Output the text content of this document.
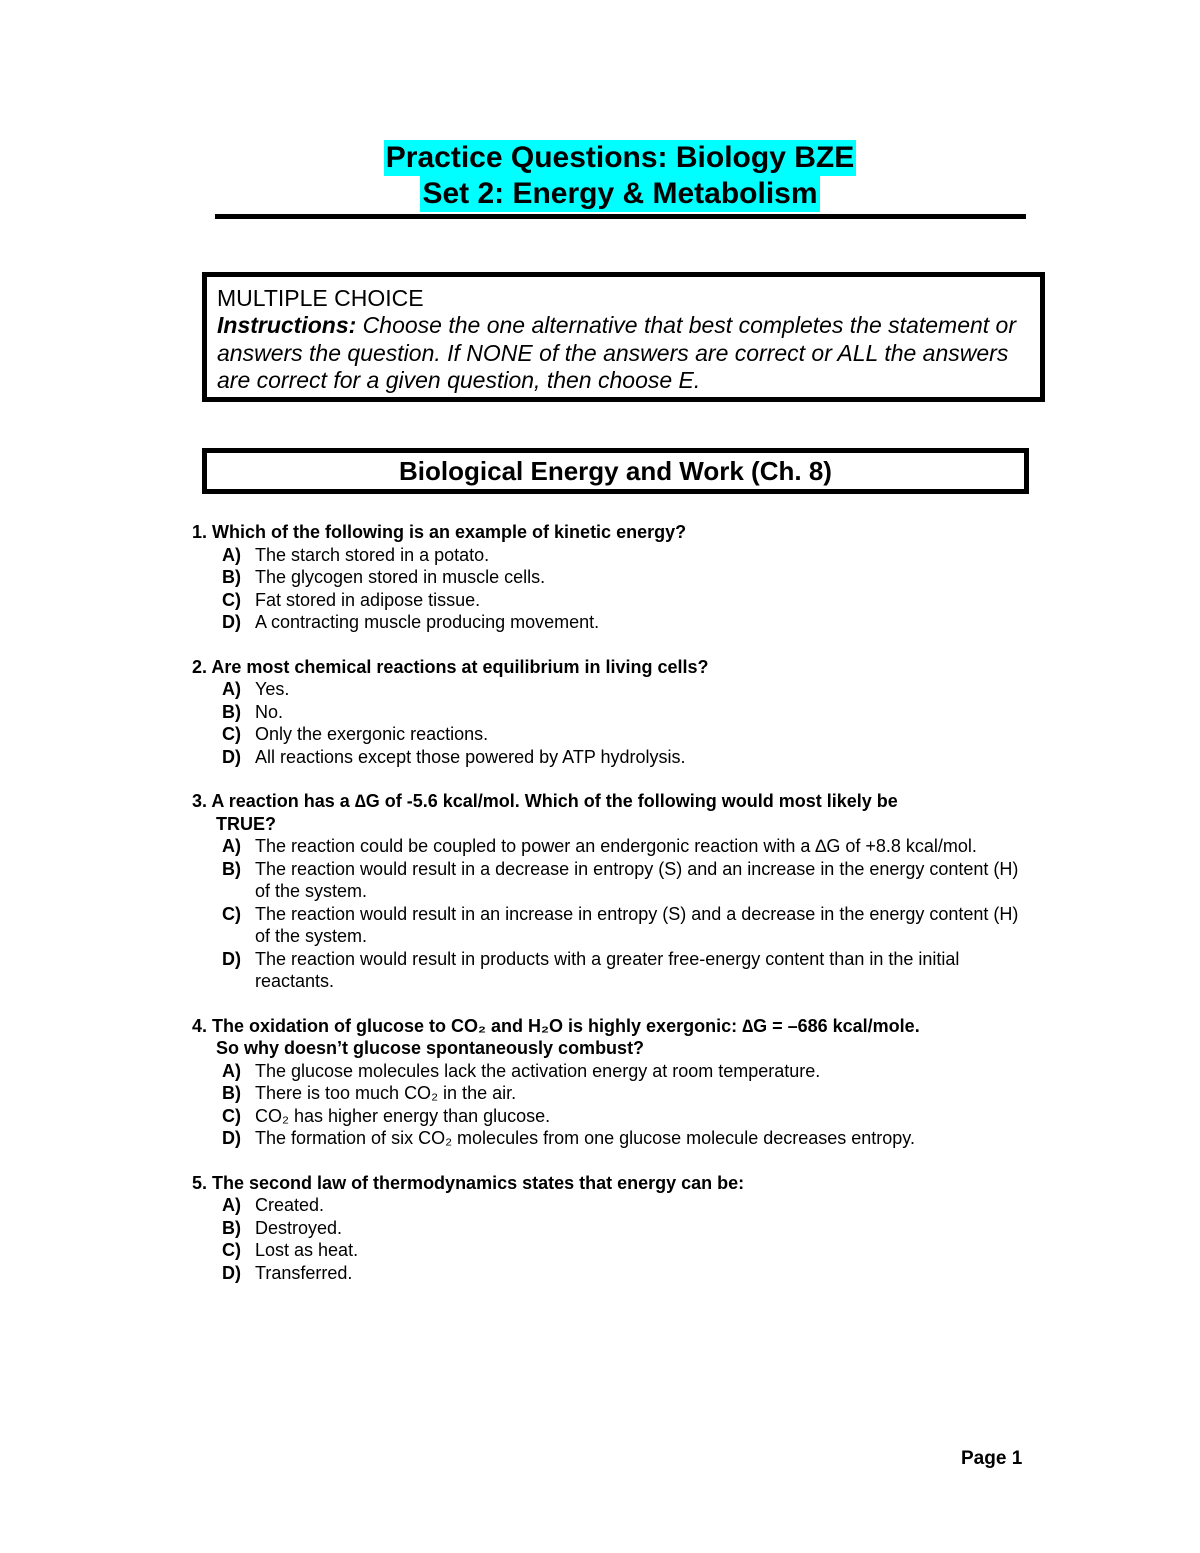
Practice Questions: Biology BZE
Set 2: Energy & Metabolism
MULTIPLE CHOICE
Instructions: Choose the one alternative that best completes the statement or answers the question. If NONE of the answers are correct or ALL the answers are correct for a given question, then choose E.
Biological Energy and Work (Ch. 8)
1. Which of the following is an example of kinetic energy?
A) The starch stored in a potato.
B) The glycogen stored in muscle cells.
C) Fat stored in adipose tissue.
D) A contracting muscle producing movement.
2. Are most chemical reactions at equilibrium in living cells?
A) Yes.
B) No.
C) Only the exergonic reactions.
D) All reactions except those powered by ATP hydrolysis.
3. A reaction has a ∆G of -5.6 kcal/mol. Which of the following would most likely be
TRUE?
A) The reaction could be coupled to power an endergonic reaction with a ∆G of +8.8 kcal/mol.
B) The reaction would result in a decrease in entropy (S) and an increase in the energy content (H) of the system.
C) The reaction would result in an increase in entropy (S) and a decrease in the energy content (H) of the system.
D) The reaction would result in products with a greater free-energy content than in the initial reactants.
4. The oxidation of glucose to CO₂ and H₂O is highly exergonic: ∆G = –686 kcal/mole.
So why doesn’t glucose spontaneously combust?
A) The glucose molecules lack the activation energy at room temperature.
B) There is too much CO₂ in the air.
C) CO₂ has higher energy than glucose.
D) The formation of six CO₂ molecules from one glucose molecule decreases entropy.
5. The second law of thermodynamics states that energy can be:
A) Created.
B) Destroyed.
C) Lost as heat.
D) Transferred.
Page 1
